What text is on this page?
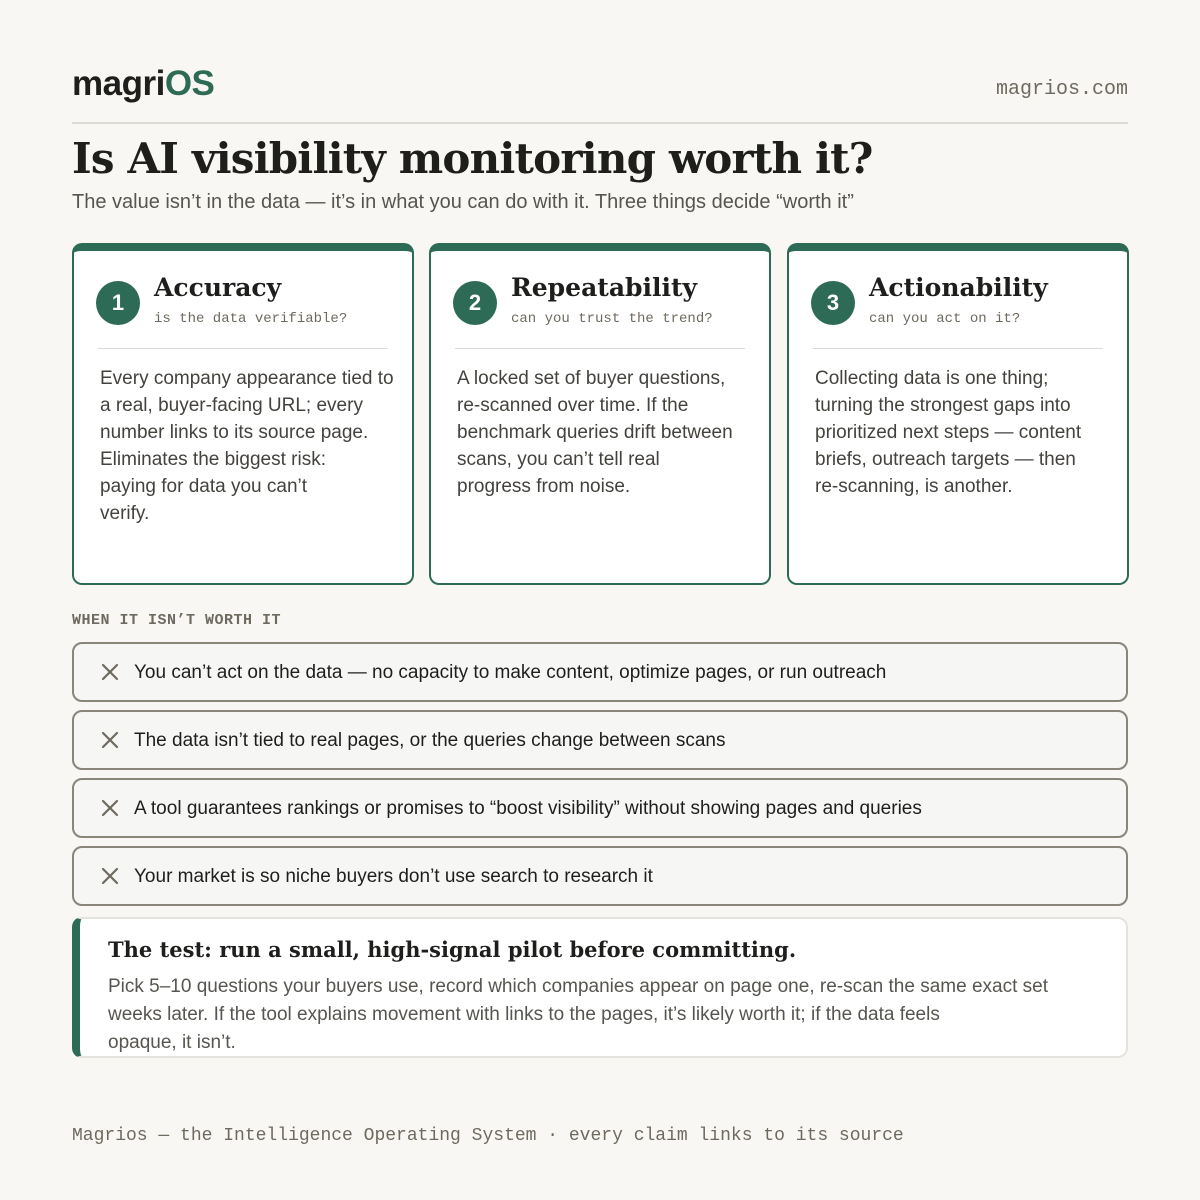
magriOS	magrios.com
Is AI visibility monitoring worth it?

The value isn’t in the data — it’s in what you can do with it. Three things decide “worth it”

1
Accuracy
is the data verifiable?
Every company appearance tied to
a real, buyer-facing URL; every
number links to its source page.
Eliminates the biggest risk:
paying for data you can’t
verify.
2
Repeatability
can you trust the trend?
A locked set of buyer questions,
re-scanned over time. If the
benchmark queries drift between
scans, you can’t tell real
progress from noise.
3
Actionability
can you act on it?
Collecting data is one thing;
turning the strongest gaps into
prioritized next steps — content
briefs, outreach targets — then
re-scanning, is another.
WHEN IT ISN’T WORTH IT
You can’t act on the data — no capacity to make content, optimize pages, or run outreach
The data isn’t tied to real pages, or the queries change between scans
A tool guarantees rankings or promises to “boost visibility” without showing pages and queries
Your market is so niche buyers don’t use search to research it
The test: run a small, high-signal pilot before committing.
Pick 5–10 questions your buyers use, record which companies appear on page one, re-scan the same exact set
weeks later. If the tool explains movement with links to the pages, it’s likely worth it; if the data feels
opaque, it isn’t.
Magrios — the Intelligence Operating System · every claim links to its source
